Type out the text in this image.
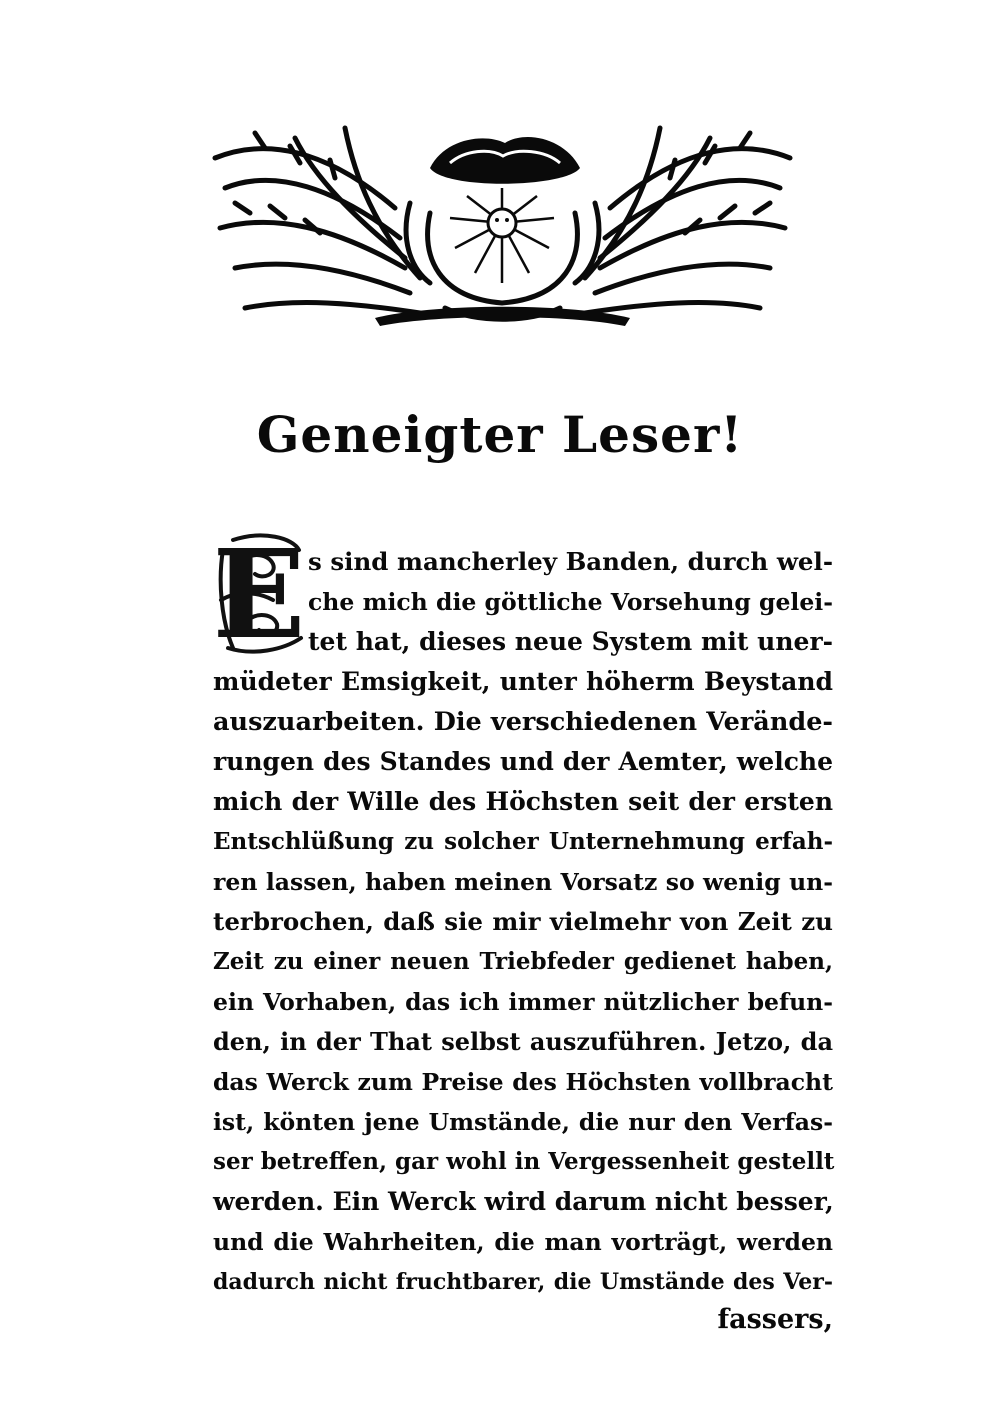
Geneigter Leser!
E s sind mancherley Banden, durch wel-
che mich die göttliche Vorsehung gelei-
tet hat, dieses neue System mit uner-
müdeter Emsigkeit, unter höherm Beystand
auszuarbeiten. Die verschiedenen Verände-
rungen des Standes und der Aemter, welche
mich der Wille des Höchsten seit der ersten
Entschlüßung zu solcher Unternehmung erfah-
ren lassen, haben meinen Vorsatz so wenig un-
terbrochen, daß sie mir vielmehr von Zeit zu
Zeit zu einer neuen Triebfeder gedienet haben,
ein Vorhaben, das ich immer nützlicher befun-
den, in der That selbst auszuführen. Jetzo, da
das Werck zum Preise des Höchsten vollbracht
ist, könten jene Umstände, die nur den Verfas-
ser betreffen, gar wohl in Vergessenheit gestellt
werden. Ein Werck wird darum nicht besser,
und die Wahrheiten, die man vorträgt, werden
dadurch nicht fruchtbarer, die Umstände des Ver-
fassers,
